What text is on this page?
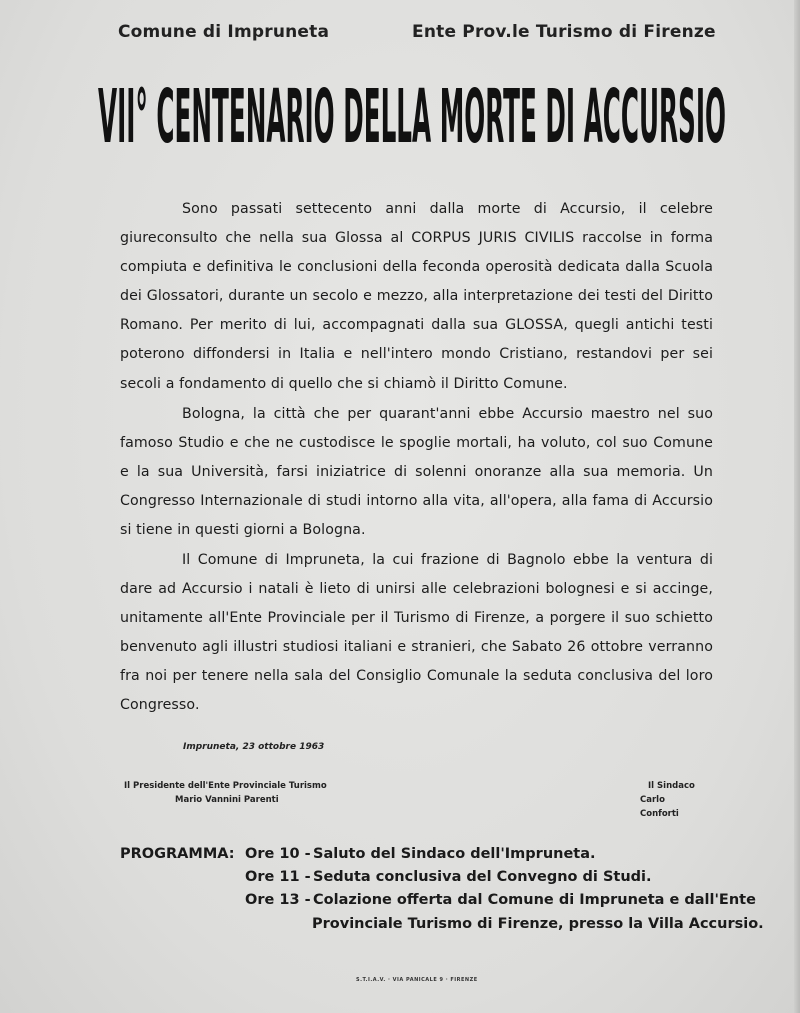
Comune di Impruneta	Ente Prov.le Turismo di Firenze
VII° CENTENARIO DELLA MORTE DI ACCURSIO

Sono passati settecento anni dalla morte di Accursio, il celebre giureconsulto che nella sua Glossa al CORPUS JURIS CIVILIS raccolse in forma compiuta e definitiva le conclusioni della feconda operosità dedicata dalla Scuola dei Glossatori, durante un secolo e mezzo, alla interpretazione dei testi del Diritto Romano. Per merito di lui, accompagnati dalla sua GLOSSA, quegli antichi testi poterono diffondersi in Italia e nell'intero mondo Cristiano, restandovi per sei secoli a fondamento di quello che si chiamò il Diritto Comune.

Bologna, la città che per quarant'anni ebbe Accursio maestro nel suo famoso Studio e che ne custodisce le spoglie mortali, ha voluto, col suo Comune e la sua Università, farsi iniziatrice di solenni onoranze alla sua memoria. Un Congresso Internazionale di studi intorno alla vita, all'opera, alla fama di Accursio si tiene in questi giorni a Bologna.

Il Comune di Impruneta, la cui frazione di Bagnolo ebbe la ventura di dare ad Accursio i natali è lieto di unirsi alle celebrazioni bolognesi e si accinge, unitamente all'Ente Provinciale per il Turismo di Firenze, a porgere il suo schietto benvenuto agli illustri studiosi italiani e stranieri, che Sabato 26 ottobre verranno fra noi per tenere nella sala del Consiglio Comunale la seduta conclusiva del loro Congresso.

Impruneta, 23 ottobre 1963
Il Presidente dell'Ente Provinciale Turismo
Mario Vannini Parenti
Il Sindaco
Carlo Conforti
PROGRAMMA: Ore 10 - Saluto del Sindaco dell'Impruneta.
Ore 11 - Seduta conclusiva del Convegno di Studi.
Ore 13 - Colazione offerta dal Comune di Impruneta e dall'Ente
Provinciale Turismo di Firenze, presso la Villa Accursio.
S.T.I.A.V. · VIA PANICALE 9 · FIRENZE
